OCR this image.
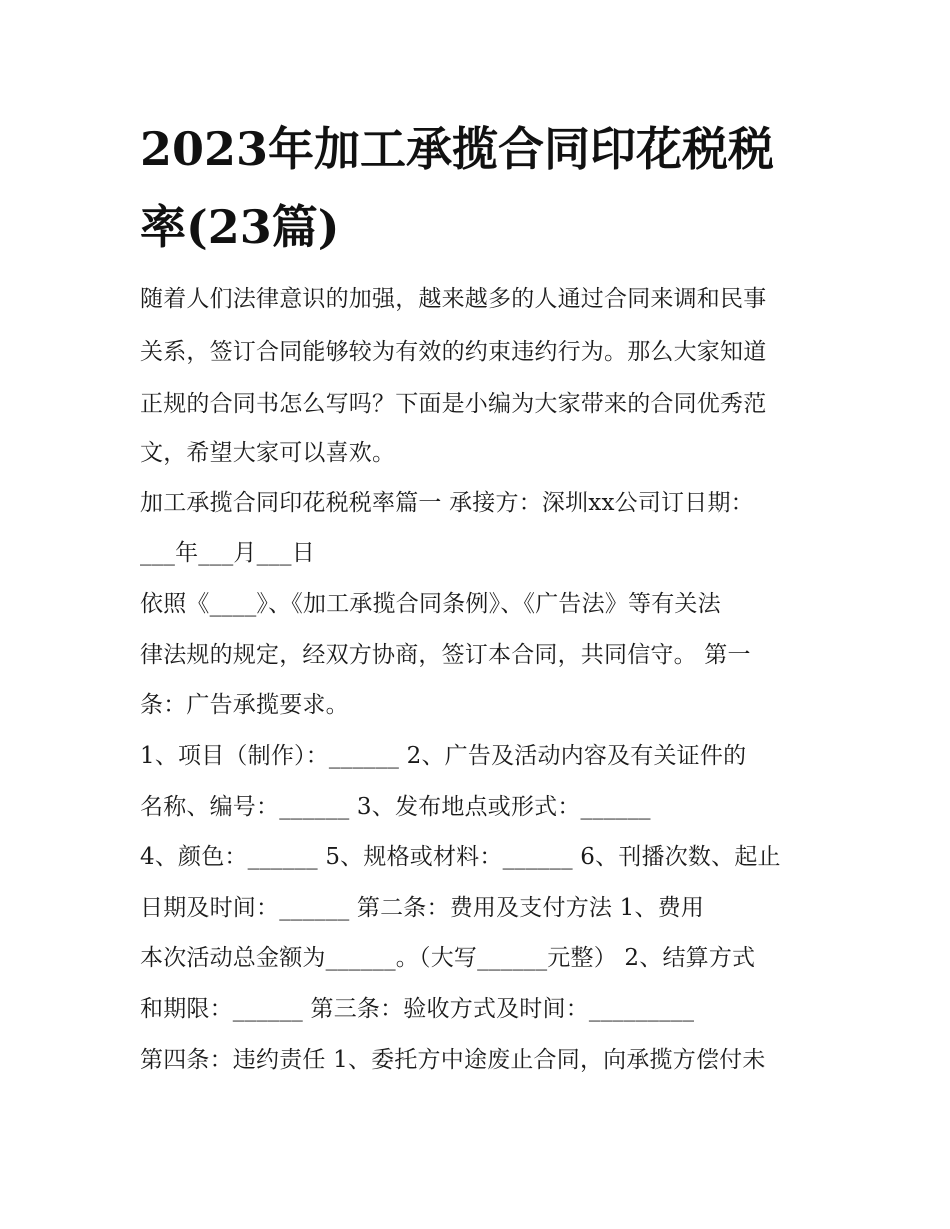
2023年加工承揽合同印花税税
率(23篇)

随着人们法律意识的加强，越来越多的人通过合同来调和民事

关系，签订合同能够较为有效的约束违约行为。那么大家知道

正规的合同书怎么写吗？下面是小编为大家带来的合同优秀范

文，希望大家可以喜欢。

加工承揽合同印花税税率篇一 承接方：深圳xx公司订日期：

___年___月___日

依照《____》、《加工承揽合同条例》、《广告法》等有关法

律法规的规定，经双方协商，签订本合同，共同信守。 第一

条：广告承揽要求。

1、项目（制作）：______ 2、广告及活动内容及有关证件的

名称、编号：______ 3、发布地点或形式：______

4、颜色：______ 5、规格或材料：______ 6、刊播次数、起止

日期及时间：______ 第二条：费用及支付方法 1、费用

本次活动总金额为______。（大写______元整） 2、结算方式

和期限：______ 第三条：验收方式及时间：_________

第四条：违约责任 1、委托方中途废止合同，向承揽方偿付未
